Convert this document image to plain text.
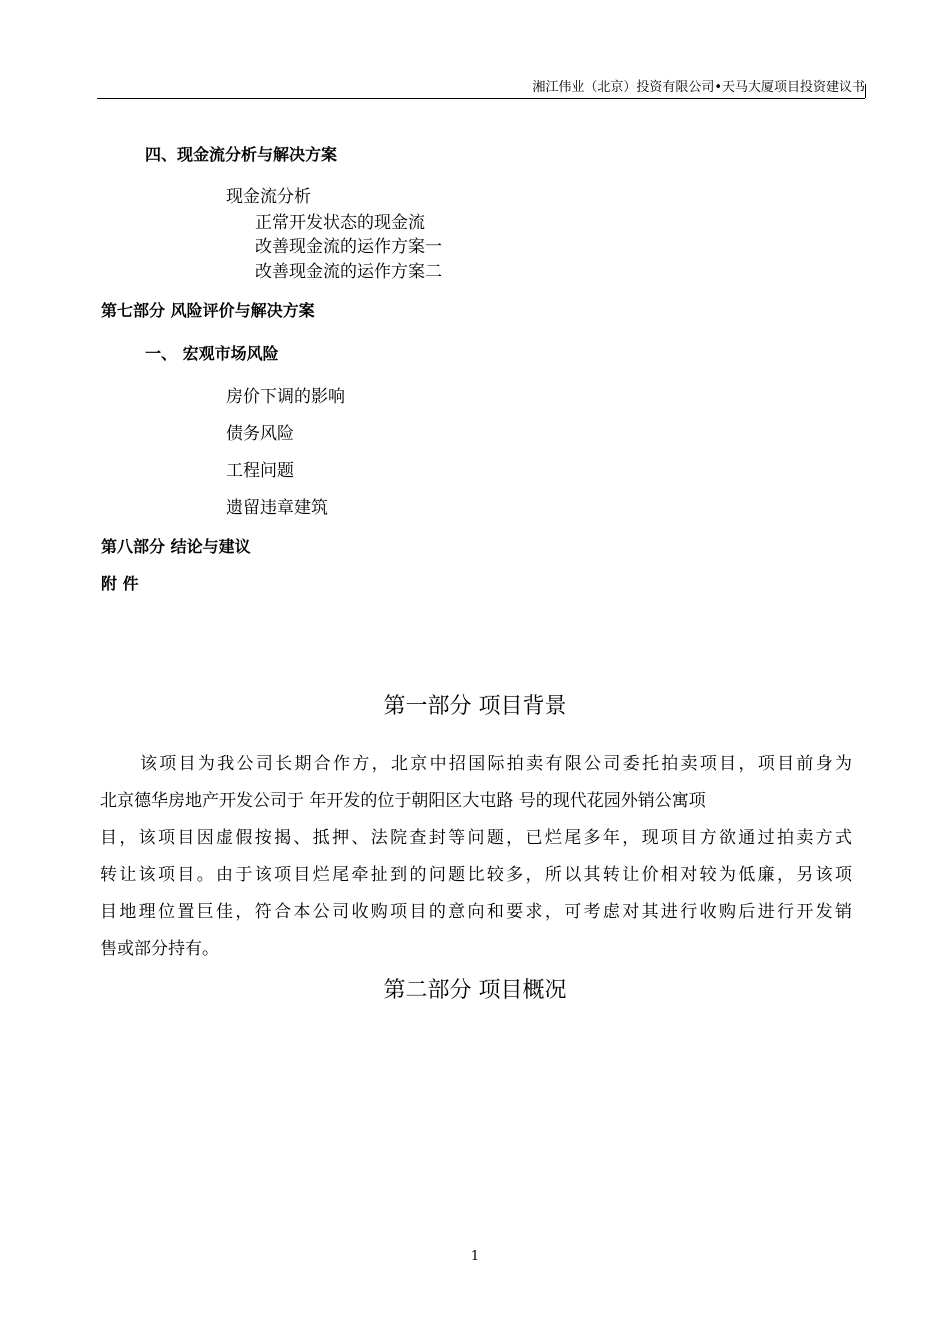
湘江伟业（北京）投资有限公司•天马大厦项目投资建议书
四、现金流分析与解决方案
现金流分析
正常开发状态的现金流
改善现金流的运作方案一
改善现金流的运作方案二
第七部分 风险评价与解决方案
一、 宏观市场风险
房价下调的影响
债务风险
工程问题
遗留违章建筑
第八部分 结论与建议
附 件
第一部分 项目背景
该项目为我公司长期合作方，北京中招国际拍卖有限公司委托拍卖项目，项目前身为
北京德华房地产开发公司于 年开发的位于朝阳区大屯路 号的现代花园外销公寓项
目，该项目因虚假按揭、抵押、法院查封等问题，已烂尾多年，现项目方欲通过拍卖方式
转让该项目。由于该项目烂尾牵扯到的问题比较多，所以其转让价相对较为低廉，另该项
目地理位置巨佳，符合本公司收购项目的意向和要求，可考虑对其进行收购后进行开发销
售或部分持有。
第二部分 项目概况
1
